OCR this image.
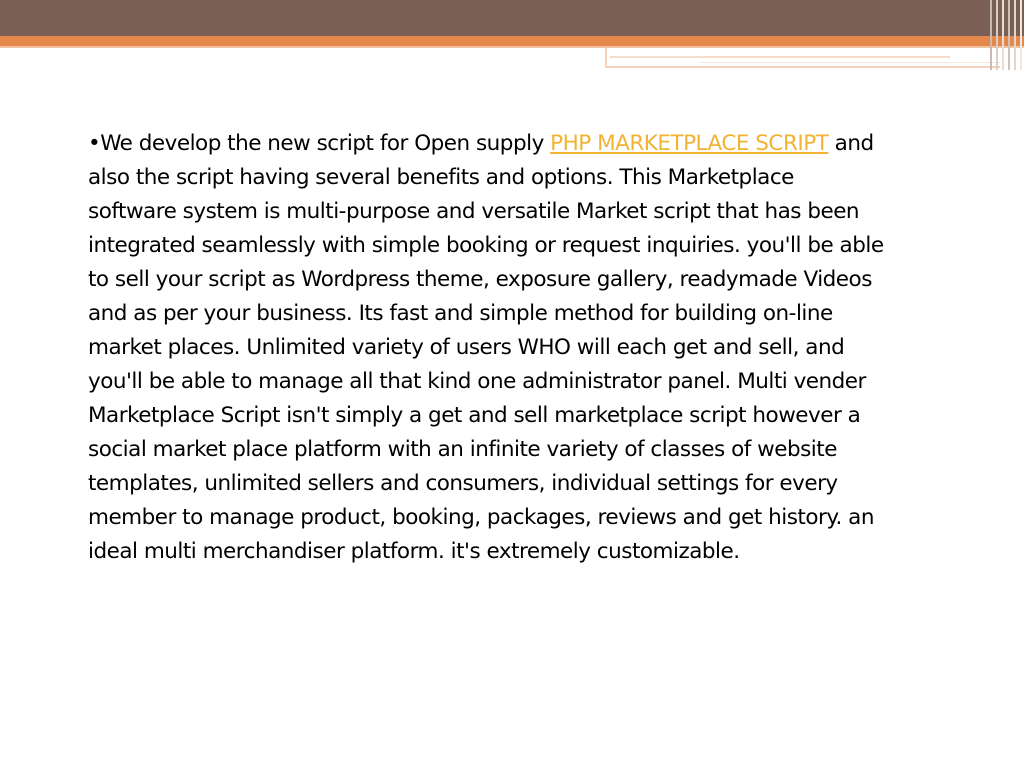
•We develop the new script for Open supply PHP MARKETPLACE SCRIPT and also the script having several benefits and options. This Marketplace software system is multi-purpose and versatile Market script that has been integrated seamlessly with simple booking or request inquiries. you'll be able to sell your script as Wordpress theme, exposure gallery, readymade Videos and as per your business. Its fast and simple method for building on-line market places. Unlimited variety of users WHO will each get and sell, and you'll be able to manage all that kind one administrator panel. Multi vender Marketplace Script isn't simply a get and sell marketplace script however a social market place platform with an infinite variety of classes of website templates, unlimited sellers and consumers, individual settings for every member to manage product, booking, packages, reviews and get history. an ideal multi merchandiser platform. it's extremely customizable.
